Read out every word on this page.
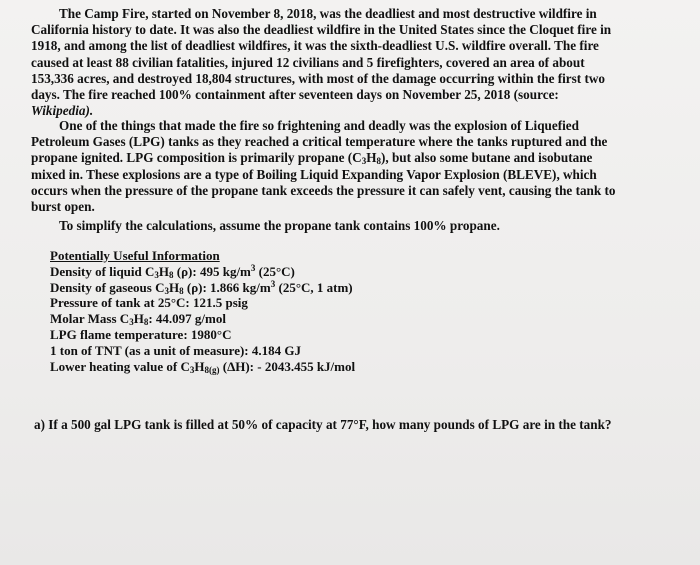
The Camp Fire, started on November 8, 2018, was the deadliest and most destructive wildfire in
California history to date. It was also the deadliest wildfire in the United States since the Cloquet fire in
1918, and among the list of deadliest wildfires, it was the sixth-deadliest U.S. wildfire overall. The fire
caused at least 88 civilian fatalities, injured 12 civilians and 5 firefighters, covered an area of about
153,336 acres, and destroyed 18,804 structures, with most of the damage occurring within the first two
days. The fire reached 100% containment after seventeen days on November 25, 2018 (source:
Wikipedia).
One of the things that made the fire so frightening and deadly was the explosion of Liquefied
Petroleum Gases (LPG) tanks as they reached a critical temperature where the tanks ruptured and the
propane ignited. LPG composition is primarily propane $(C_3H_8)$, but also some butane and isobutane
mixed in. These explosions are a type of Boiling Liquid Expanding Vapor Explosion (BLEVE), which
occurs when the pressure of the propane tank exceeds the pressure it can safely vent, causing the tank to
burst open.
To simplify the calculations, assume the propane tank contains 100% propane.
Potentially Useful Information
Density of liquid $C_3H_8$ (ρ): 495 $kg/m^3$ (25°C)
Density of gaseous $C_3H_8$ (ρ): 1.866 $kg/m^3$ (25°C, 1 atm)
Pressure of tank at 25°C: 121.5 psig
Molar Mass $C_3H_8$: 44.097 g/mol
LPG flame temperature: 1980°C
1 ton of TNT (as a unit of measure): 4.184 GJ
Lower heating value of $C_3H_{8(g)}$ (ΔH): - 2043.455 kJ/mol
a) If a 500 gal LPG tank is filled at 50% of capacity at 77°F, how many pounds of LPG are in the tank?
